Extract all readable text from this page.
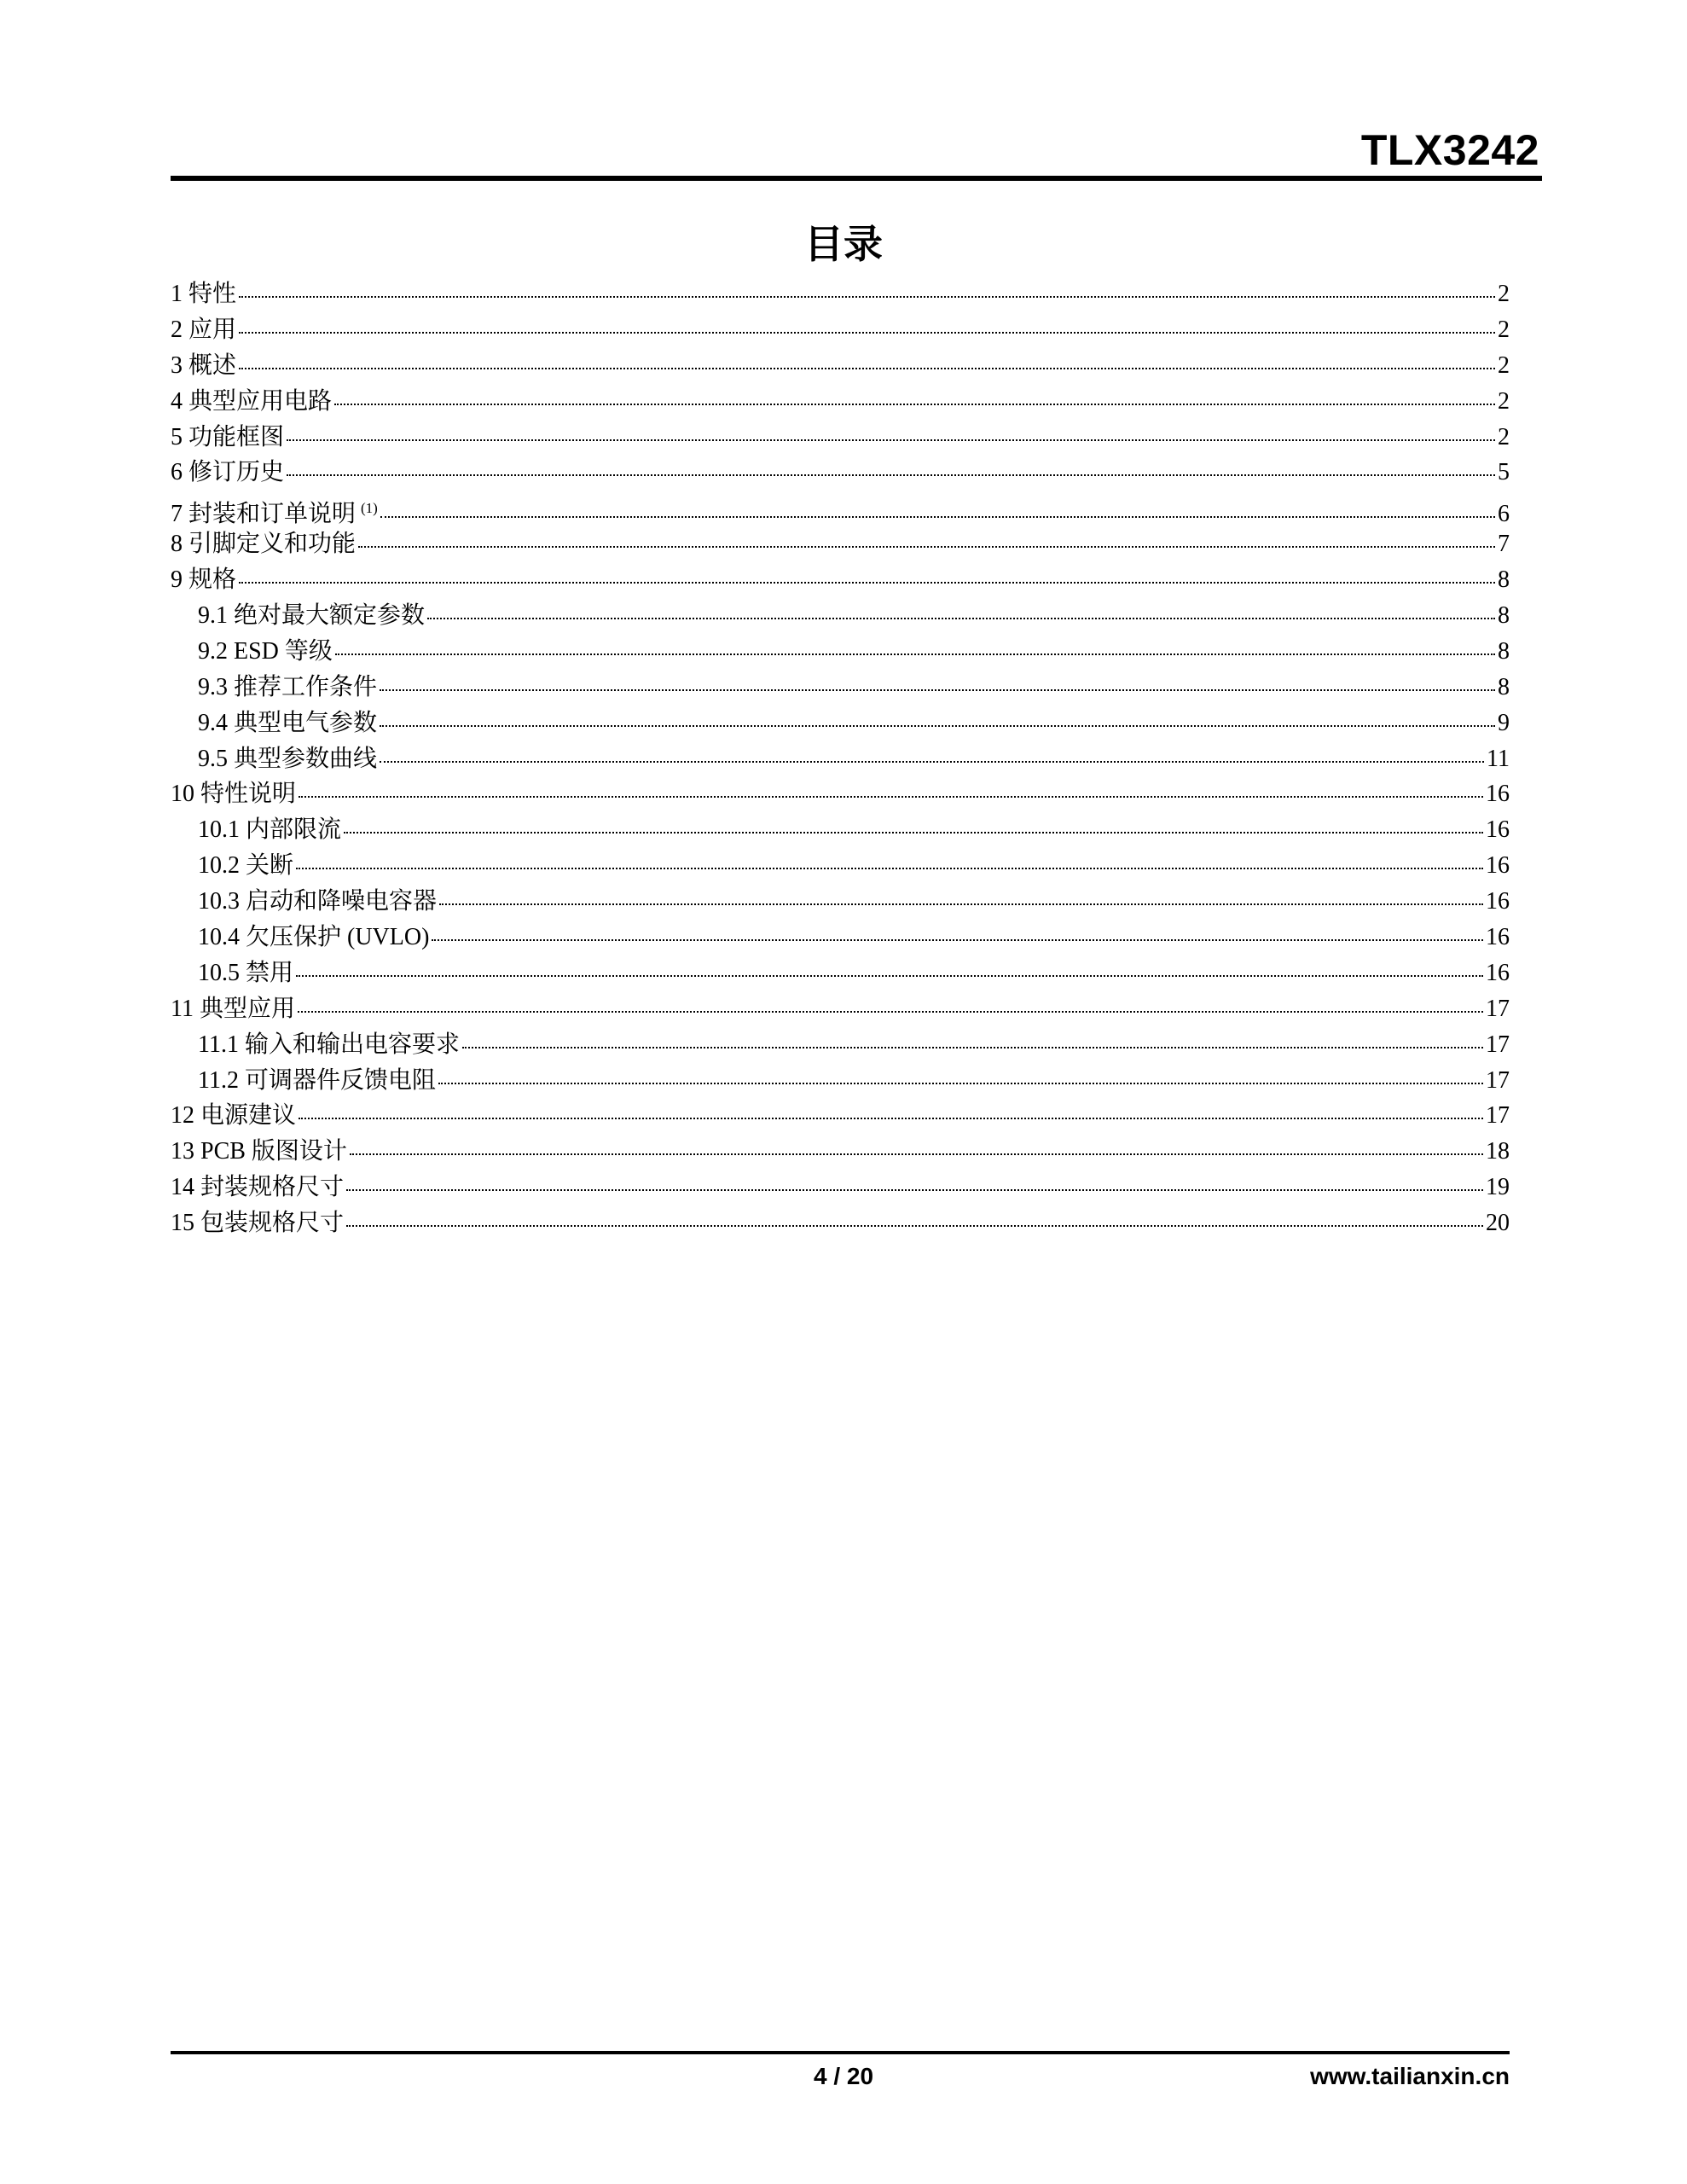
TLX3242
目录
1 特性	2
2 应用	2
3 概述	2
4 典型应用电路	2
5 功能框图	2
6 修订历史	5
7 封装和订单说明 $^{(1)}$	6
8 引脚定义和功能	7
9 规格	8
9.1 绝对最大额定参数	8
9.2 ESD 等级	8
9.3 推荐工作条件	8
9.4 典型电气参数	9
9.5 典型参数曲线	11
10 特性说明	16
10.1 内部限流	16
10.2 关断	16
10.3 启动和降噪电容器	16
10.4 欠压保护 (UVLO)	16
10.5 禁用	16
11 典型应用	17
11.1 输入和输出电容要求	17
11.2 可调器件反馈电阻	17
12 电源建议	17
13 PCB 版图设计	18
14 封装规格尺寸	19
15 包装规格尺寸	20
4 / 20	www.tailianxin.cn
